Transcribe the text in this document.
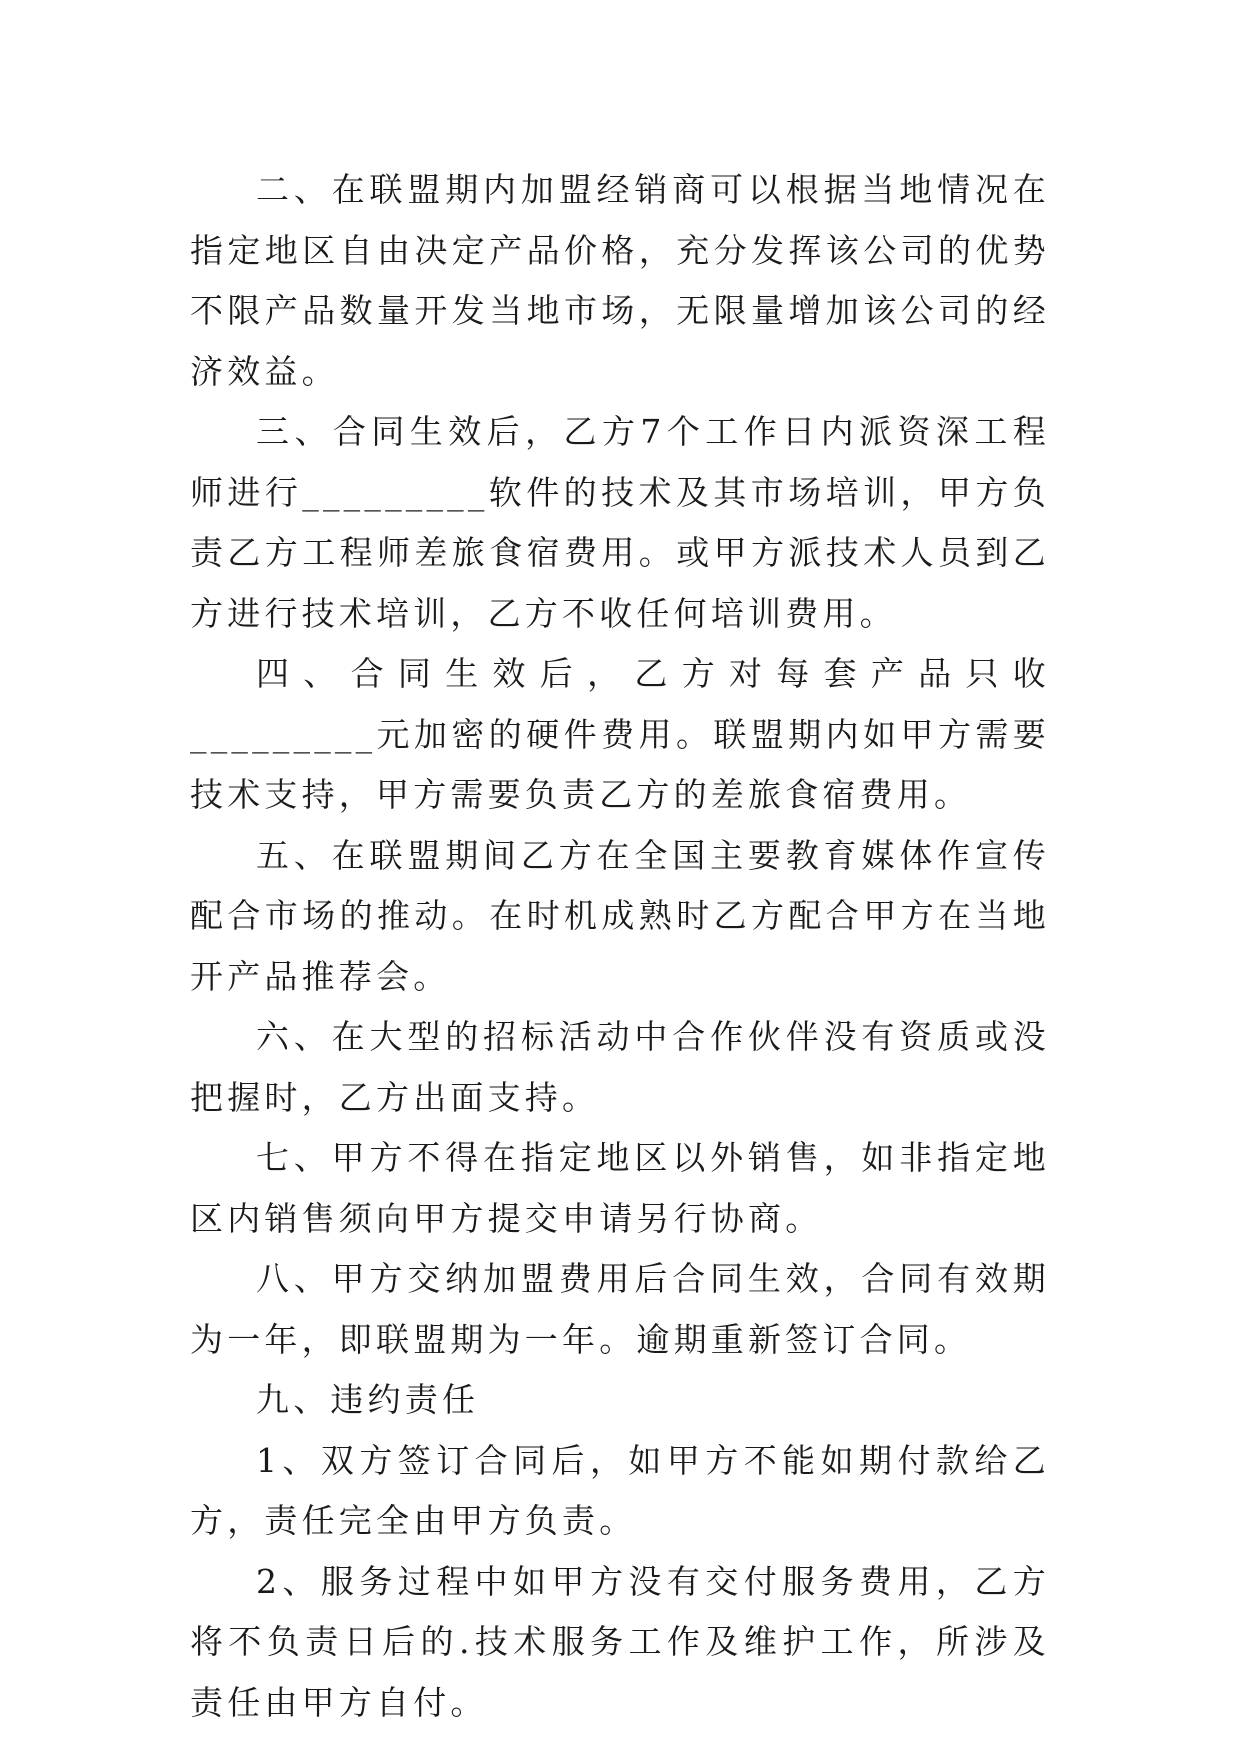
二、在联盟期内加盟经销商可以根据当地情况在指定地区自由决定产品价格，充分发挥该公司的优势不限产品数量开发当地市场，无限量增加该公司的经济效益。

三、合同生效后，乙方7个工作日内派资深工程师进行_________软件的技术及其市场培训，甲方负责乙方工程师差旅食宿费用。或甲方派技术人员到乙方进行技术培训，乙方不收任何培训费用。

四、合同生效后，乙方对每套产品只收_________元加密的硬件费用。联盟期内如甲方需要技术支持，甲方需要负责乙方的差旅食宿费用。

五、在联盟期间乙方在全国主要教育媒体作宣传配合市场的推动。在时机成熟时乙方配合甲方在当地开产品推荐会。

六、在大型的招标活动中合作伙伴没有资质或没把握时，乙方出面支持。

七、甲方不得在指定地区以外销售，如非指定地区内销售须向甲方提交申请另行协商。

八、甲方交纳加盟费用后合同生效，合同有效期为一年，即联盟期为一年。逾期重新签订合同。

九、违约责任

1、双方签订合同后，如甲方不能如期付款给乙方，责任完全由甲方负责。

2、服务过程中如甲方没有交付服务费用，乙方将不负责日后的.技术服务工作及维护工作，所涉及责任由甲方自付。
